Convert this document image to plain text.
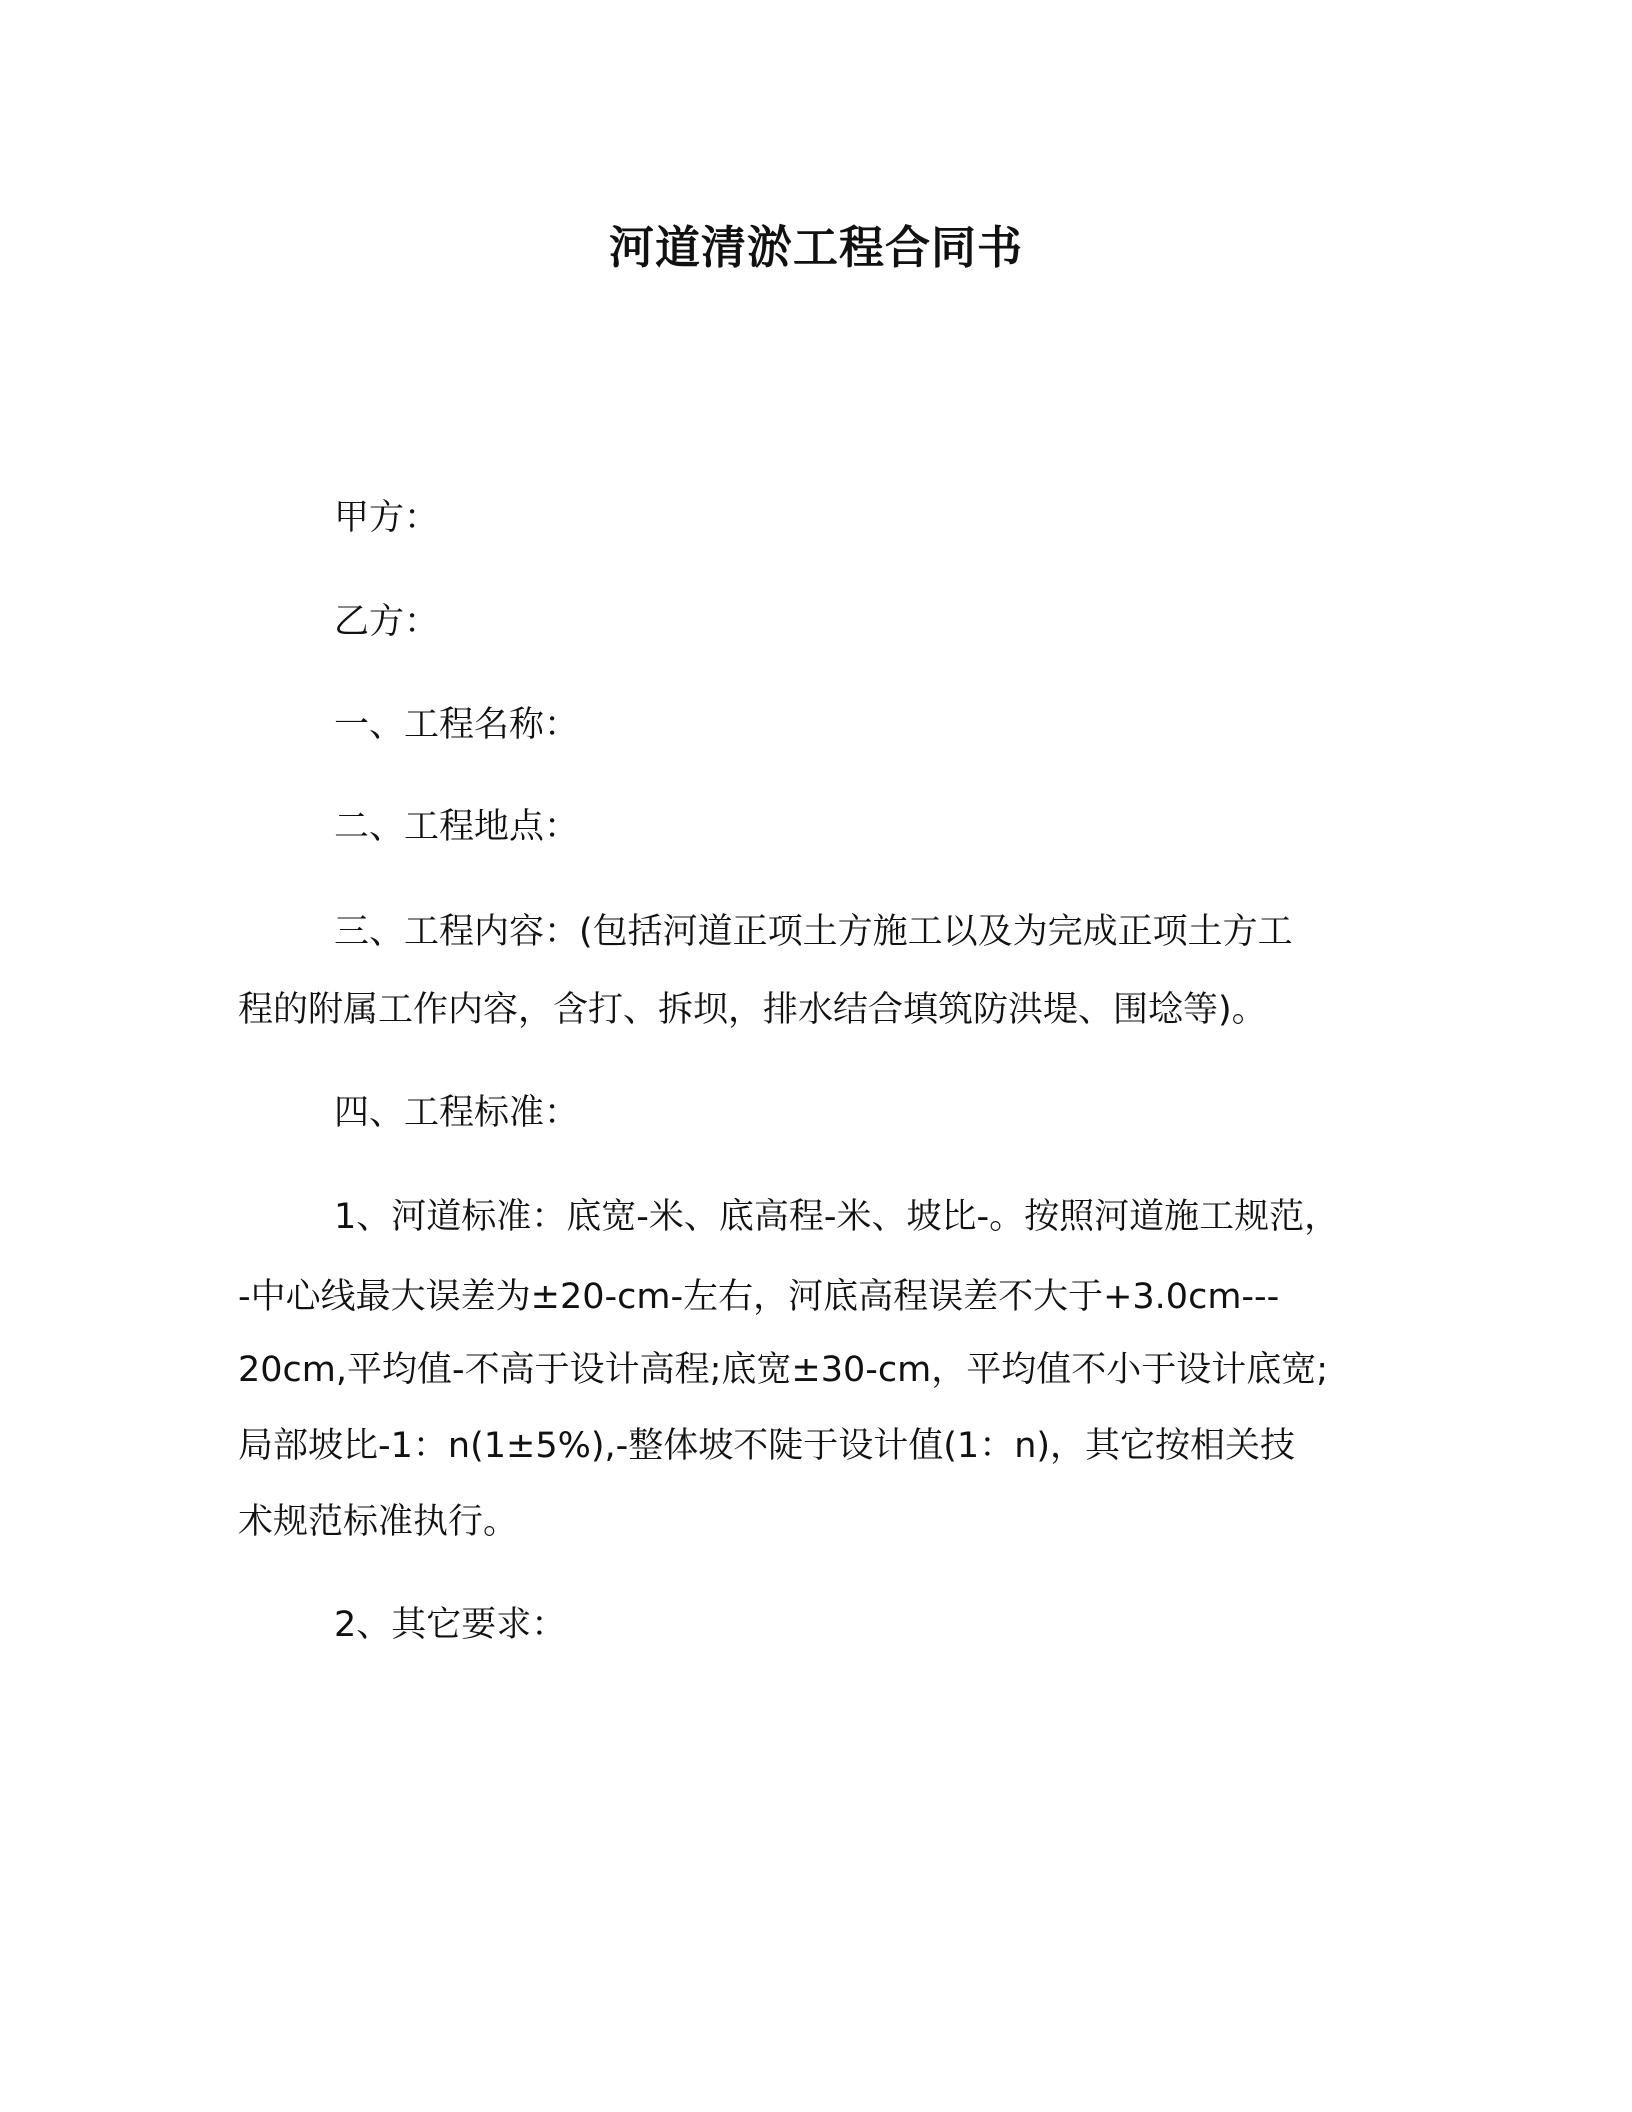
河道清淤工程合同书
甲方：
乙方：
一、工程名称：
二、工程地点：
三、工程内容：(包括河道正项土方施工以及为完成正项土方工
程的附属工作内容，含打、拆坝，排水结合填筑防洪堤、围埝等)。
四、工程标准：
1、河道标准：底宽-米、底高程-米、坡比-。按照河道施工规范，
-中心线最大误差为±20-cm-左右，河底高程误差不大于+3.0cm---
20cm,平均值-不高于设计高程;底宽±30-cm，平均值不小于设计底宽;
局部坡比-1：n(1±5%),-整体坡不陡于设计值(1：n)，其它按相关技
术规范标准执行。
2、其它要求：
